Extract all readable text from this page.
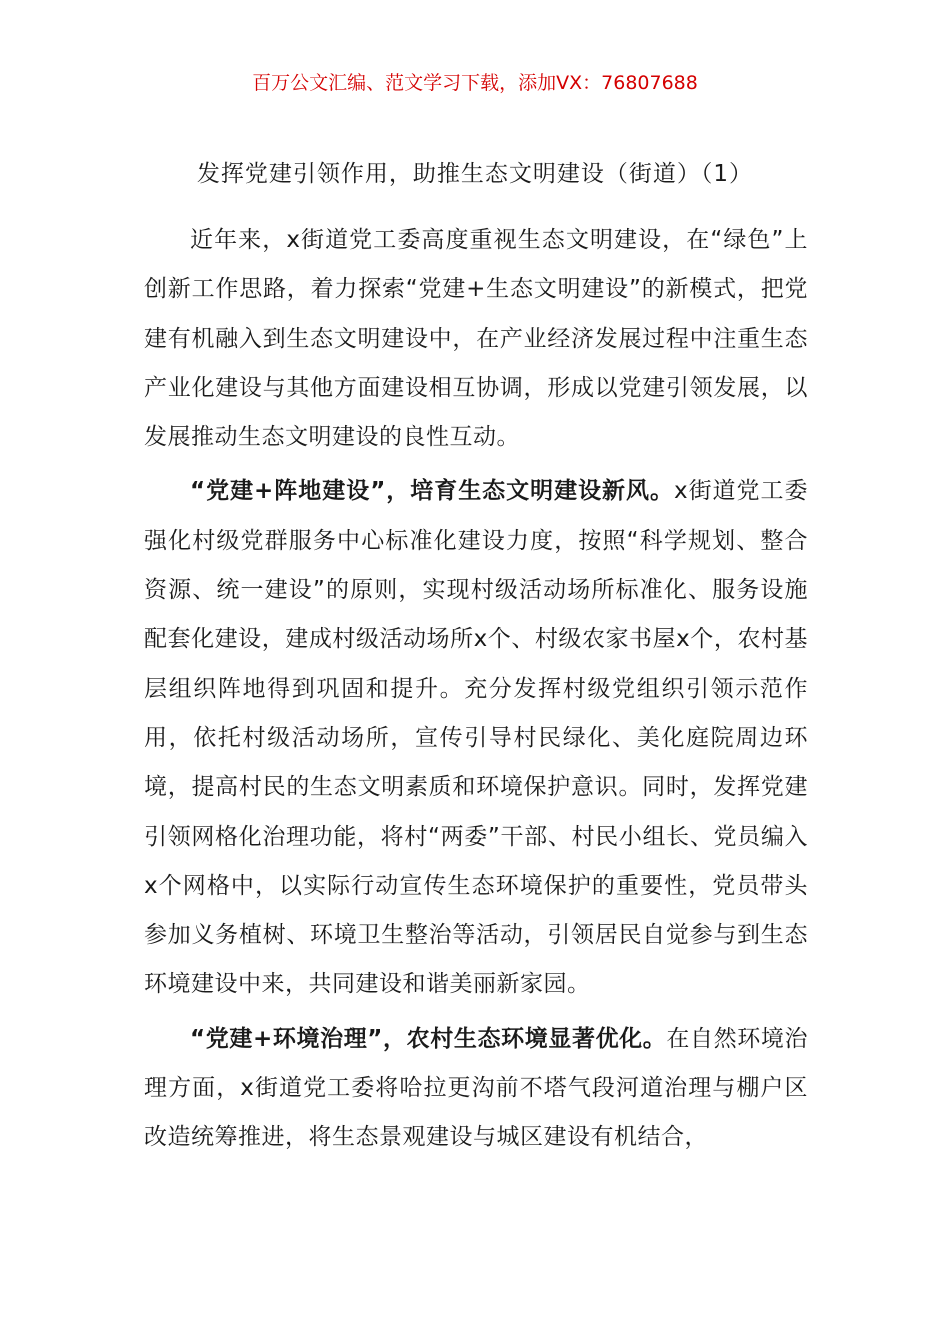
百万公文汇编、范文学习下载，添加VX：76807688
发挥党建引领作用，助推生态文明建设（街道）（1）

近年来，x街道党工委高度重视生态文明建设，在“绿色”上创新工作思路，着力探索“党建+生态文明建设”的新模式，把党建有机融入到生态文明建设中，在产业经济发展过程中注重生态产业化建设与其他方面建设相互协调，形成以党建引领发展，以发展推动生态文明建设的良性互动。

“党建+阵地建设”，培育生态文明建设新风。x街道党工委强化村级党群服务中心标准化建设力度，按照“科学规划、整合资源、统一建设”的原则，实现村级活动场所标准化、服务设施配套化建设，建成村级活动场所x个、村级农家书屋x个，农村基层组织阵地得到巩固和提升。充分发挥村级党组织引领示范作用，依托村级活动场所，宣传引导村民绿化、美化庭院周边环境，提高村民的生态文明素质和环境保护意识。同时，发挥党建引领网格化治理功能，将村“两委”干部、村民小组长、党员编入x个网格中，以实际行动宣传生态环境保护的重要性，党员带头参加义务植树、环境卫生整治等活动，引领居民自觉参与到生态环境建设中来，共同建设和谐美丽新家园。

“党建+环境治理”，农村生态环境显著优化。在自然环境治理方面，x街道党工委将哈拉更沟前不塔气段河道治理与棚户区改造统筹推进，将生态景观建设与城区建设有机结合，
